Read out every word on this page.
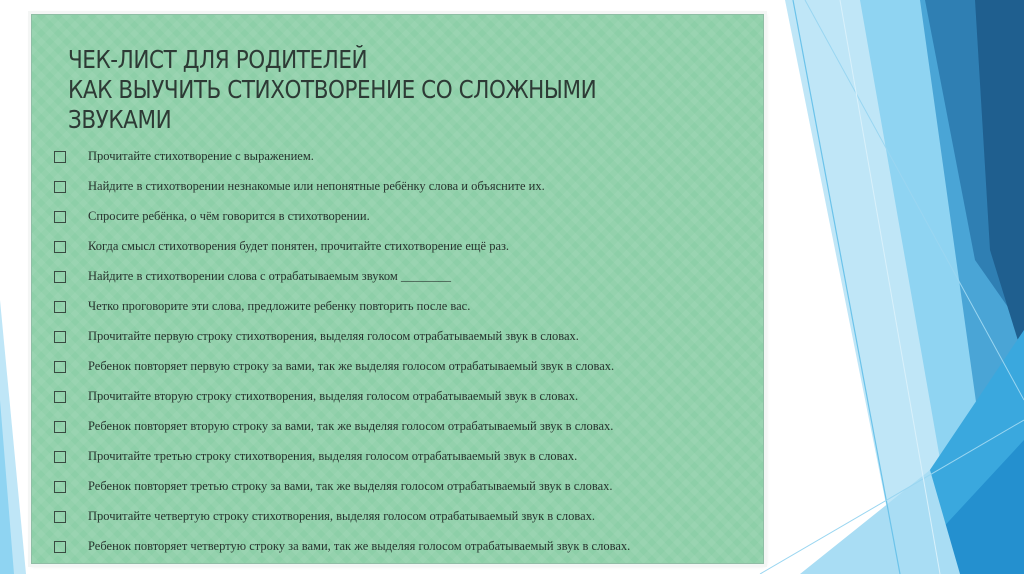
ЧЕК-ЛИСТ ДЛЯ РОДИТЕЛЕЙ
КАК ВЫУЧИТЬ СТИХОТВОРЕНИЕ СО СЛОЖНЫМИ
ЗВУКАМИ
Прочитайте стихотворение с выражением.
Найдите в стихотворении незнакомые или непонятные ребёнку слова и объясните их.
Спросите ребёнка, о чём говорится в стихотворении.
Когда смысл стихотворения будет понятен, прочитайте стихотворение ещё раз.
Найдите в стихотворении слова с отрабатываемым звуком ________
Четко проговорите эти слова, предложите ребенку повторить после вас.
Прочитайте первую строку стихотворения, выделяя голосом отрабатываемый звук в словах.
Ребенок повторяет первую строку за вами, так же выделяя голосом отрабатываемый звук в словах.
Прочитайте вторую строку стихотворения, выделяя голосом отрабатываемый звук в словах.
Ребенок повторяет вторую строку за вами, так же выделяя голосом отрабатываемый звук в словах.
Прочитайте третью строку стихотворения, выделяя голосом отрабатываемый звук в словах.
Ребенок повторяет третью строку за вами, так же выделяя голосом отрабатываемый звук в словах.
Прочитайте четвертую строку стихотворения, выделяя голосом отрабатываемый звук в словах.
Ребенок повторяет четвертую строку за вами, так же выделяя голосом отрабатываемый звук в словах.
